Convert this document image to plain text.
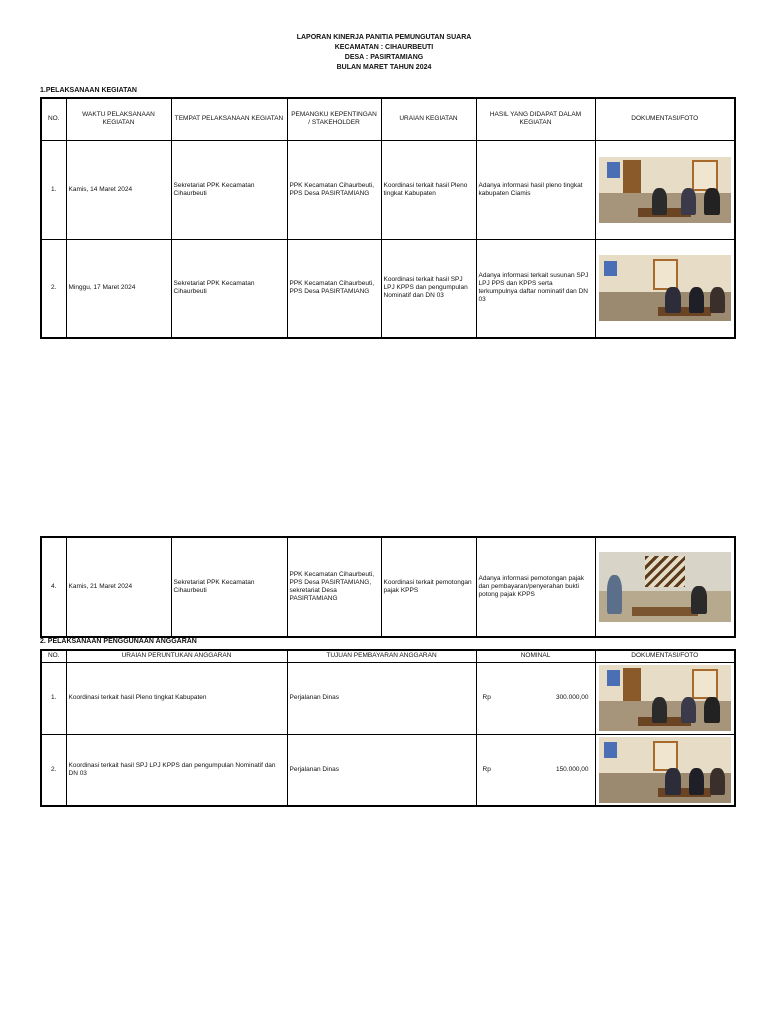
LAPORAN KINERJA PANITIA PEMUNGUTAN SUARA
KECAMATAN : CIHAURBEUTI
DESA : PASIRTAMIANG
BULAN MARET TAHUN 2024
1.PELAKSANAAN KEGIATAN
NO.	WAKTU PELAKSANAAN KEGIATAN	TEMPAT PELAKSANAAN KEGIATAN	PEMANGKU KEPENTINGAN / STAKEHOLDER	URAIAN KEGIATAN	HASIL YANG DIDAPAT DALAM KEGIATAN	DOKUMENTASI/FOTO
1.	Kamis, 14 Maret 2024	Sekretariat PPK Kecamatan Cihaurbeuti	PPK Kecamatan Cihaurbeuti, PPS Desa PASIRTAMIANG	Koordinasi terkait hasil Pleno tingkat Kabupaten	Adanya informasi hasil pleno tingkat kabupaten Ciamis	

2.	Minggu, 17 Maret 2024	Sekretariat PPK Kecamatan Cihaurbeuti	PPK Kecamatan Cihaurbeuti, PPS Desa PASIRTAMIANG	Koordinasi terkait hasil SPJ LPJ KPPS dan pengumpulan Nominatif dan DN 03	Adanya informasi terkait susunan SPJ LPJ PPS dan KPPS serta terkumpulnya daftar nominatif dan DN 03	
4.	Kamis, 21 Maret 2024	Sekretariat PPK Kecamatan Cihaurbeuti	PPK Kecamatan Cihaurbeuti, PPS Desa PASIRTAMIANG, sekretariat Desa PASIRTAMIANG	Koordinasi terkait pemotongan pajak KPPS	Adanya informasi pemotongan pajak dan pembayaran/penyerahan bukti potong pajak KPPS	
2. PELAKSANAAN PENGGUNAAN ANGGARAN
NO.	URAIAN PERUNTUKAN ANGGARAN	TUJUAN PEMBAYARAN ANGGARAN	NOMINAL	DOKUMENTASI/FOTO
1.	Koordinasi terkait hasil Pleno tingkat Kabupaten	Perjalanan Dinas	Rp 300.000,00	

2.	Koordinasi terkait hasil SPJ LPJ KPPS dan pengumpulan Nominatif dan DN 03	Perjalanan Dinas	Rp 150.000,00	
